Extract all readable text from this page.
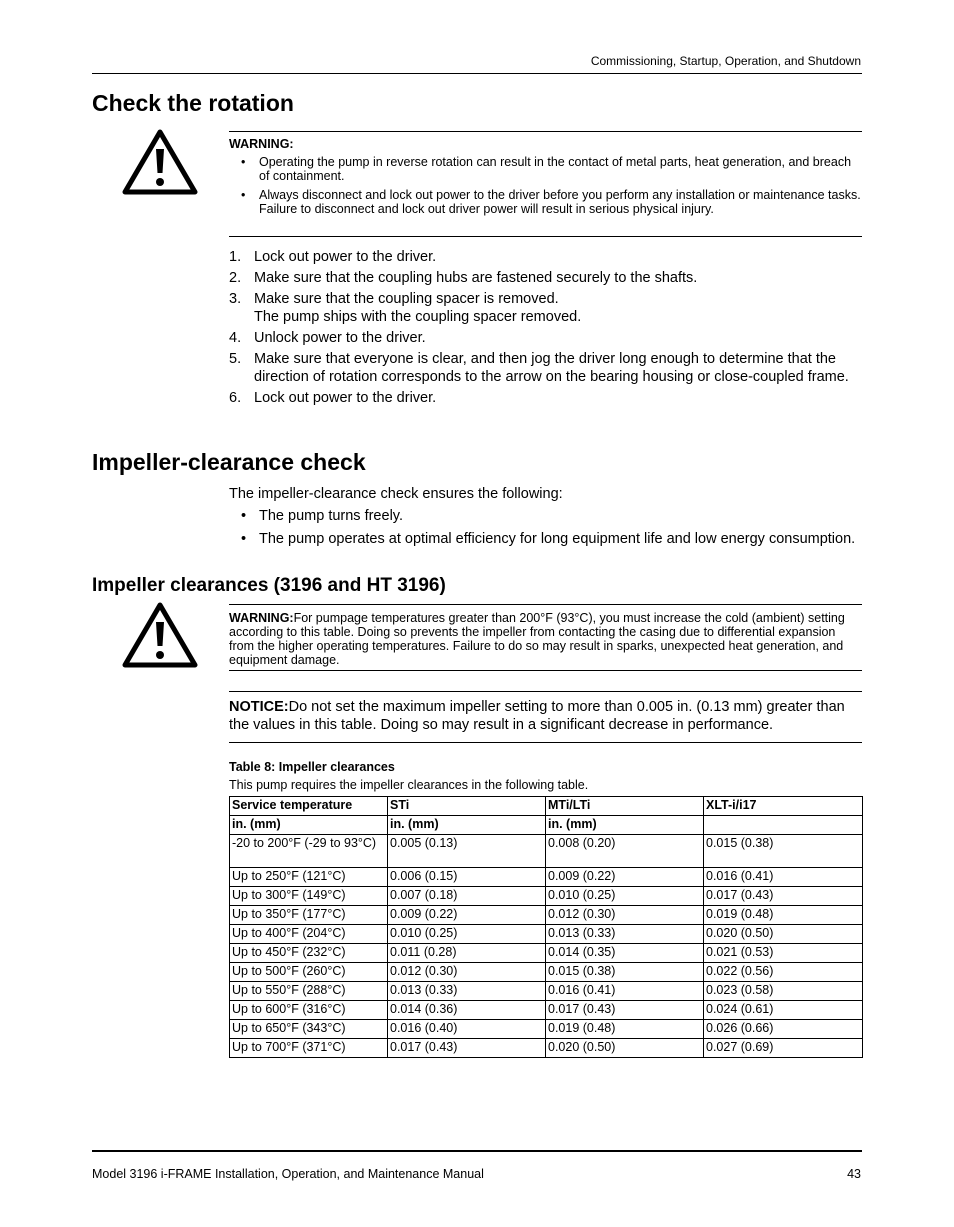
Commissioning, Startup, Operation, and Shutdown
Check the rotation
WARNING:
• Operating the pump in reverse rotation can result in the contact of metal parts, heat generation, and breach of containment.
• Always disconnect and lock out power to the driver before you perform any installation or maintenance tasks. Failure to disconnect and lock out driver power will result in serious physical injury.
1. Lock out power to the driver.
2. Make sure that the coupling hubs are fastened securely to the shafts.
3. Make sure that the coupling spacer is removed.
The pump ships with the coupling spacer removed.
4. Unlock power to the driver.
5. Make sure that everyone is clear, and then jog the driver long enough to determine that the direction of rotation corresponds to the arrow on the bearing housing or close-coupled frame.
6. Lock out power to the driver.
Impeller-clearance check
The impeller-clearance check ensures the following:
• The pump turns freely.
• The pump operates at optimal efficiency for long equipment life and low energy consumption.
Impeller clearances (3196 and HT 3196)
WARNING:For pumpage temperatures greater than 200°F (93°C), you must increase the cold (ambient) setting according to this table. Doing so prevents the impeller from contacting the casing due to differential expansion from the higher operating temperatures. Failure to do so may result in sparks, unexpected heat generation, and equipment damage.
NOTICE:Do not set the maximum impeller setting to more than 0.005 in. (0.13 mm) greater than the values in this table. Doing so may result in a significant decrease in performance.
Table 8: Impeller clearances
This pump requires the impeller clearances in the following table.
Service temperature	STi	MTi/LTi	XLT-i/i17
in. (mm)	in. (mm)	in. (mm)	
-20 to 200°F (-29 to 93°C)	0.005 (0.13)	0.008 (0.20)	0.015 (0.38)
Up to 250°F (121°C)	0.006 (0.15)	0.009 (0.22)	0.016 (0.41)
Up to 300°F (149°C)	0.007 (0.18)	0.010 (0.25)	0.017 (0.43)
Up to 350°F (177°C)	0.009 (0.22)	0.012 (0.30)	0.019 (0.48)
Up to 400°F (204°C)	0.010 (0.25)	0.013 (0.33)	0.020 (0.50)
Up to 450°F (232°C)	0.011 (0.28)	0.014 (0.35)	0.021 (0.53)
Up to 500°F (260°C)	0.012 (0.30)	0.015 (0.38)	0.022 (0.56)
Up to 550°F (288°C)	0.013 (0.33)	0.016 (0.41)	0.023 (0.58)
Up to 600°F (316°C)	0.014 (0.36)	0.017 (0.43)	0.024 (0.61)
Up to 650°F (343°C)	0.016 (0.40)	0.019 (0.48)	0.026 (0.66)
Up to 700°F (371°C)	0.017 (0.43)	0.020 (0.50)	0.027 (0.69)
Model 3196 i-FRAME Installation, Operation, and Maintenance Manual	43
